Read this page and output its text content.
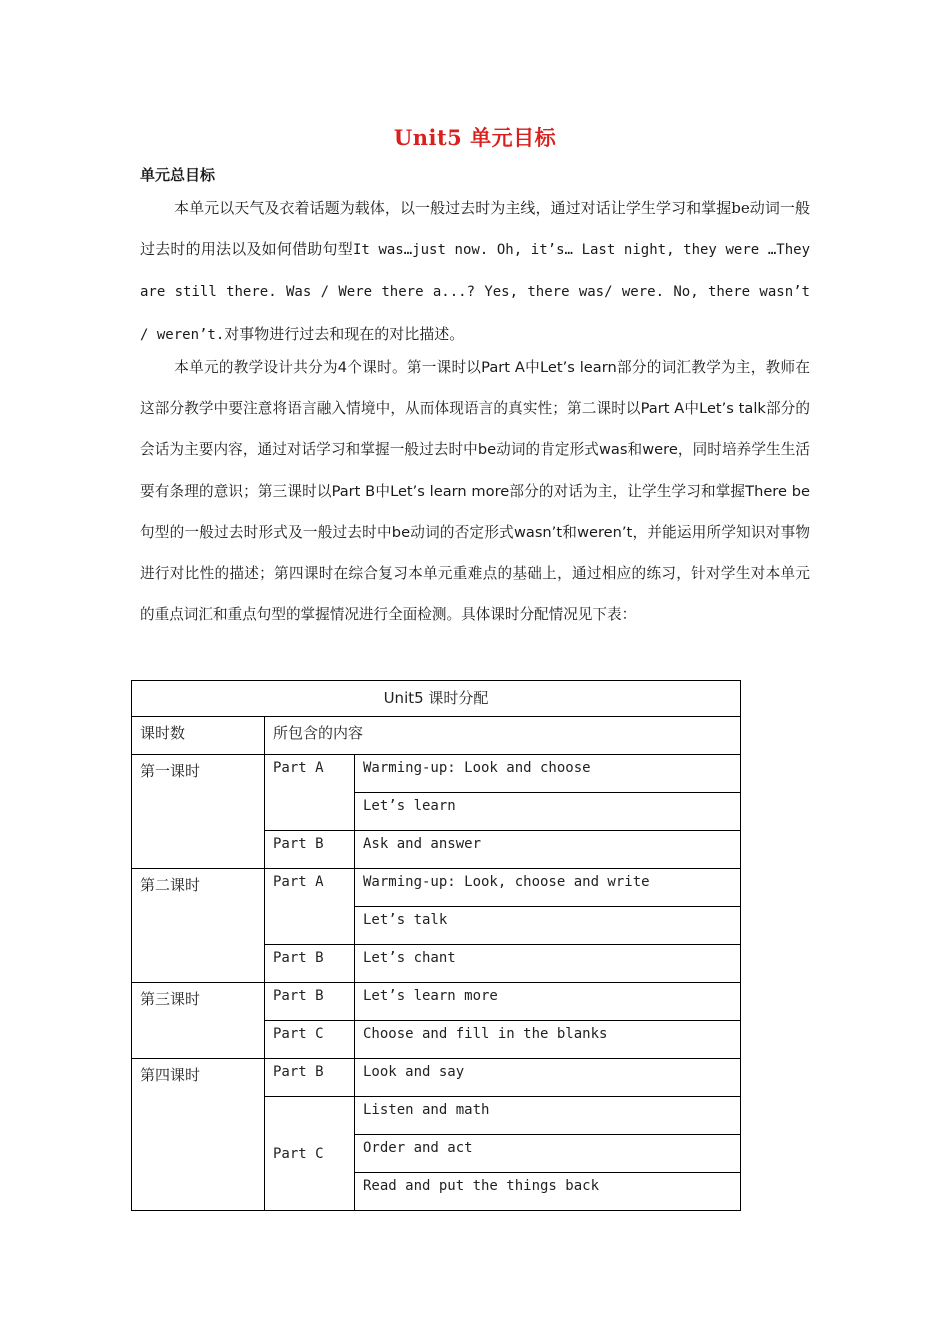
Unit5 单元目标
单元总目标

本单元以天气及衣着话题为载体，以一般过去时为主线，通过对话让学生学习和掌握be动词一般过去时的用法以及如何借助句型It was…just now. Oh, it’s… Last night, they were …They are still there. Was / Were there a...? Yes, there was/ were. No, there wasn’t / weren’t.对事物进行过去和现在的对比描述。

本单元的教学设计共分为4个课时。第一课时以Part A中Let’s learn部分的词汇教学为主，教师在这部分教学中要注意将语言融入情境中，从而体现语言的真实性；第二课时以Part A中Let’s talk部分的会话为主要内容，通过对话学习和掌握一般过去时中be动词的肯定形式was和were，同时培养学生生活要有条理的意识；第三课时以Part B中Let’s learn more部分的对话为主，让学生学习和掌握There be句型的一般过去时形式及一般过去时中be动词的否定形式wasn’t和weren’t，并能运用所学知识对事物进行对比性的描述；第四课时在综合复习本单元重难点的基础上，通过相应的练习，针对学生对本单元的重点词汇和重点句型的掌握情况进行全面检测。具体课时分配情况见下表：

Unit5 课时分配		
课时数	所包含的内容	
第一课时	Part A	Warming-up: Look and choose
		Let’s learn
	Part B	Ask and answer
第二课时	Part A	Warming-up: Look, choose and write
		Let’s talk
	Part B	Let’s chant
第三课时	Part B	Let’s learn more
	Part C	Choose and fill in the blanks
第四课时	Part B	Look and say
	Part C	Listen and math
		Order and act
		Read and put the things back
